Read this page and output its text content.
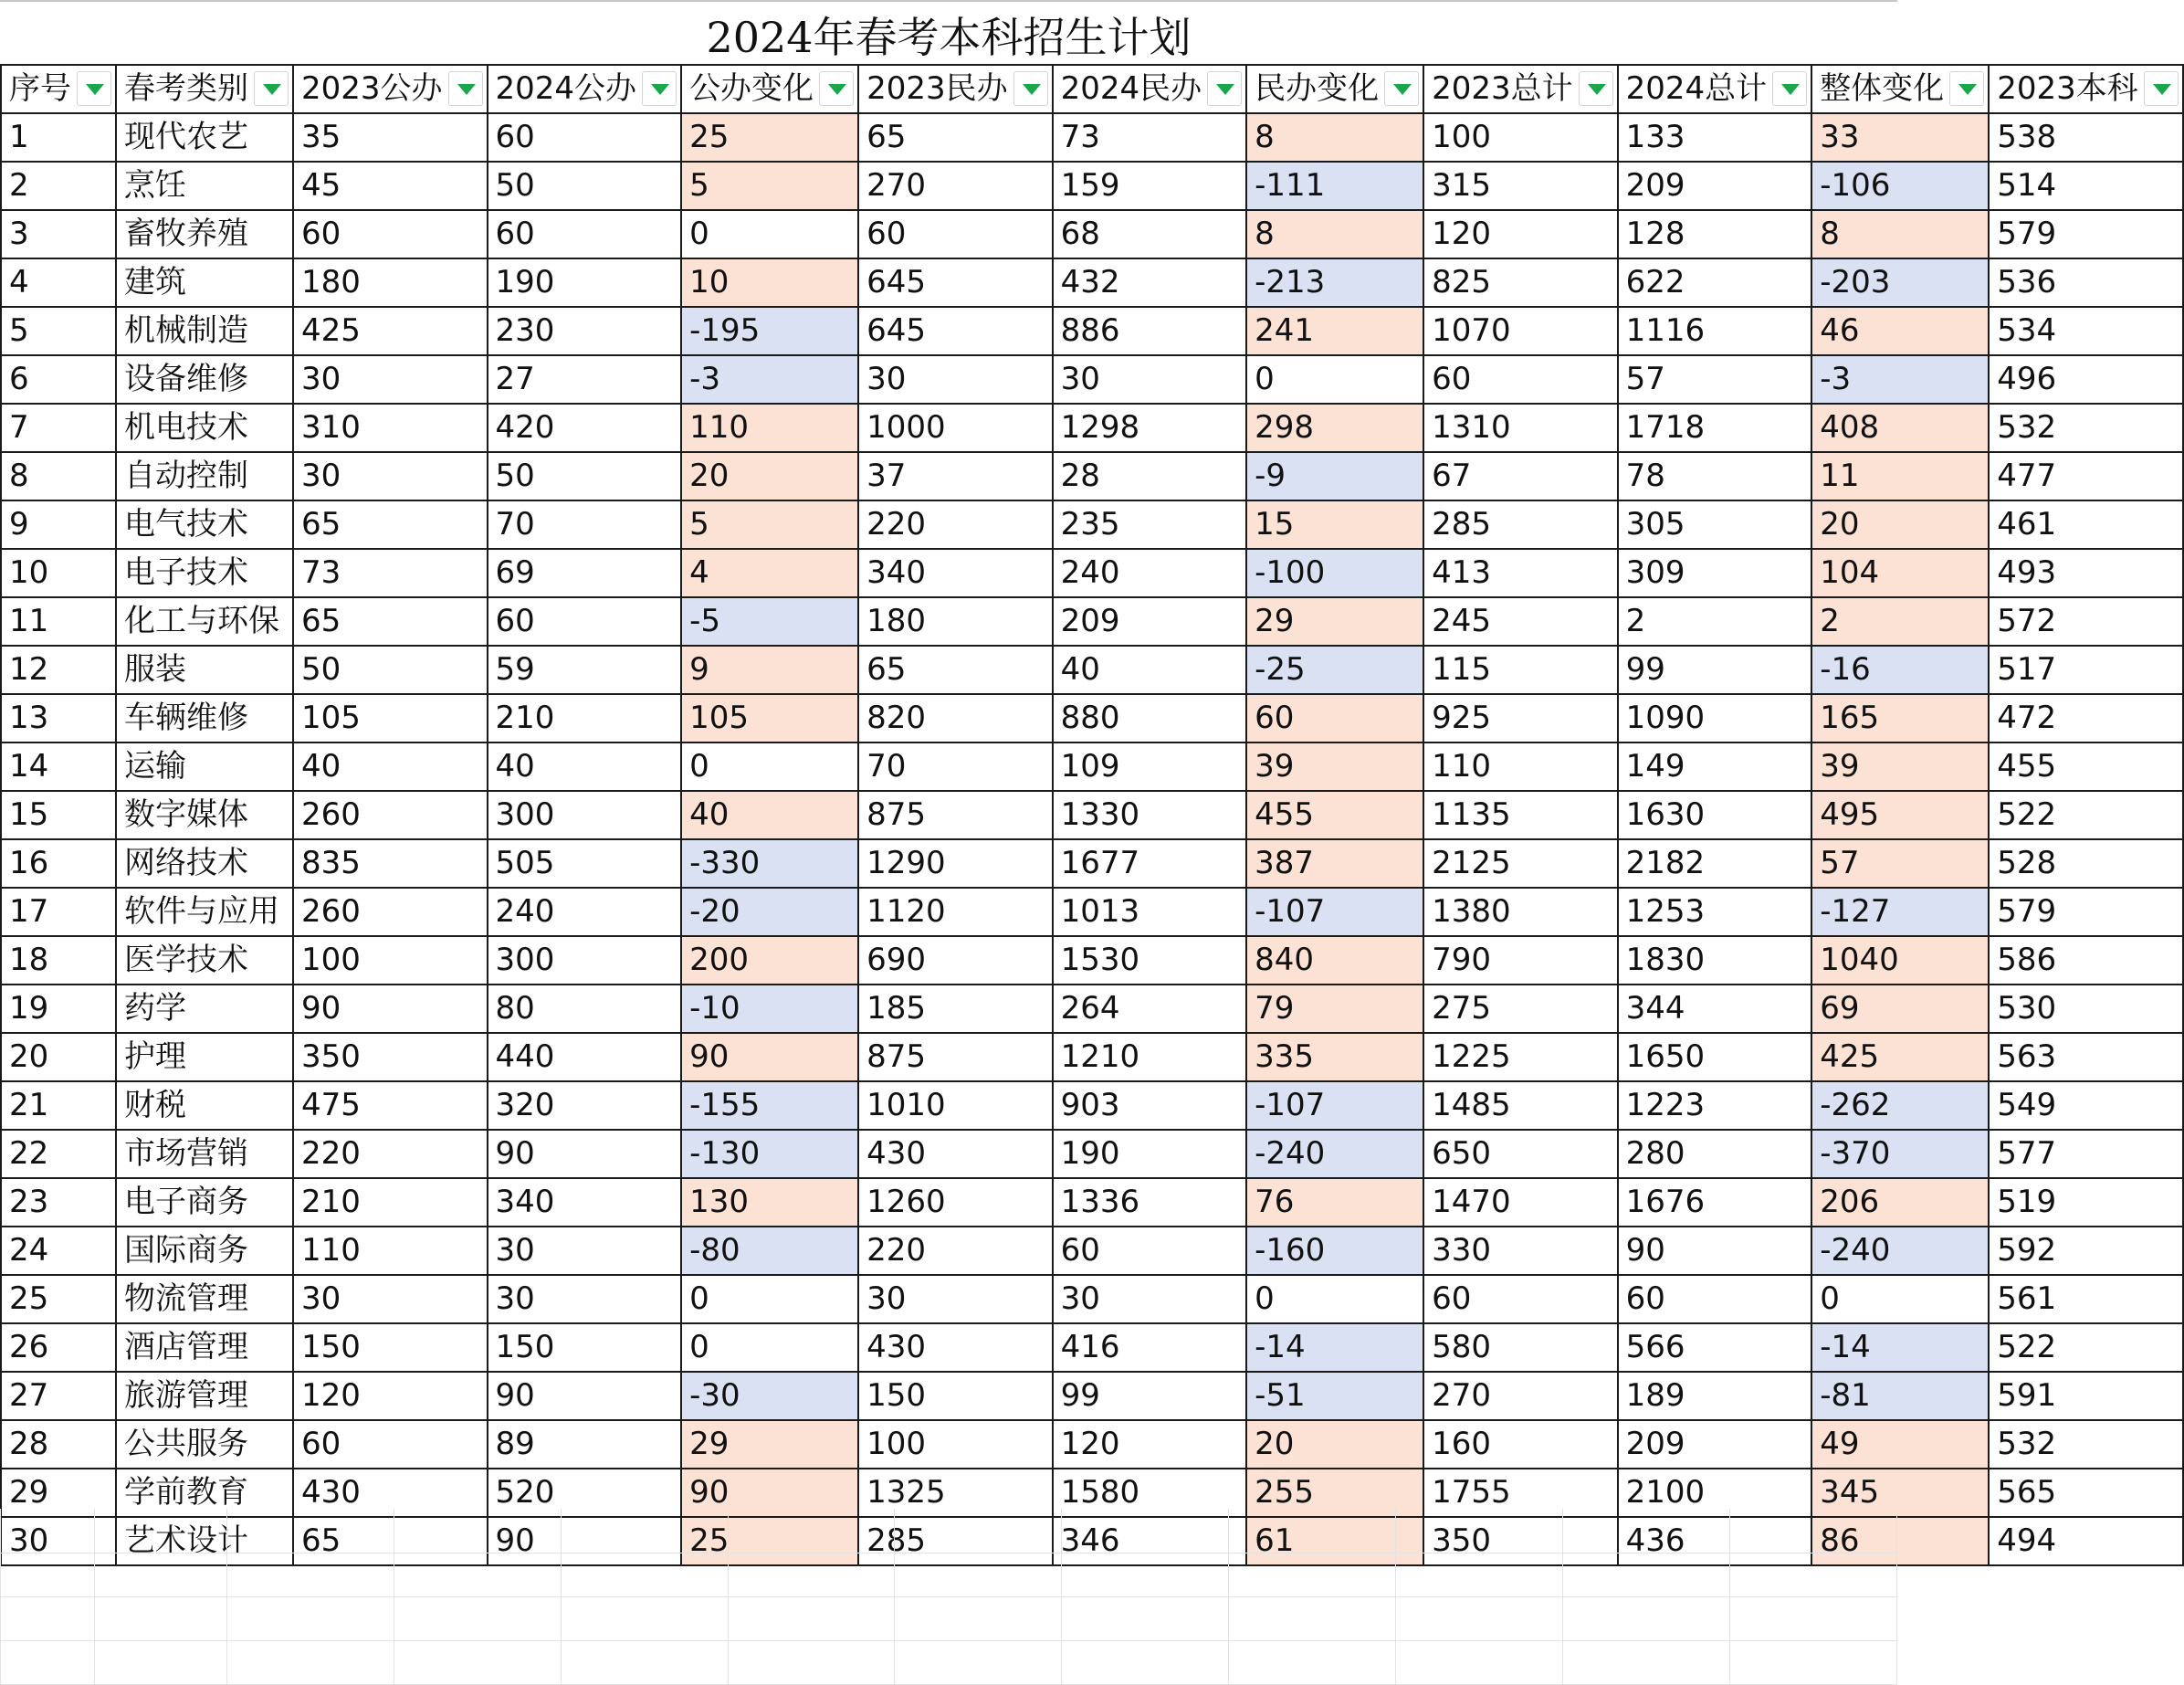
2024年春考本科招生计划
序号	春考类别	2023公办	2024公办	公办变化	2023民办	2024民办	民办变化	2023总计	2024总计	整体变化	2023本科

1	现代农艺	35	60	25	65	73	8	100	133	33	538

2	烹饪	45	50	5	270	159	-111	315	209	-106	514

3	畜牧养殖	60	60	0	60	68	8	120	128	8	579

4	建筑	180	190	10	645	432	-213	825	622	-203	536

5	机械制造	425	230	-195	645	886	241	1070	1116	46	534

6	设备维修	30	27	-3	30	30	0	60	57	-3	496

7	机电技术	310	420	110	1000	1298	298	1310	1718	408	532

8	自动控制	30	50	20	37	28	-9	67	78	11	477

9	电气技术	65	70	5	220	235	15	285	305	20	461

10	电子技术	73	69	4	340	240	-100	413	309	104	493

11	化工与环保	65	60	-5	180	209	29	245	2	2	572

12	服装	50	59	9	65	40	-25	115	99	-16	517

13	车辆维修	105	210	105	820	880	60	925	1090	165	472

14	运输	40	40	0	70	109	39	110	149	39	455

15	数字媒体	260	300	40	875	1330	455	1135	1630	495	522

16	网络技术	835	505	-330	1290	1677	387	2125	2182	57	528

17	软件与应用	260	240	-20	1120	1013	-107	1380	1253	-127	579

18	医学技术	100	300	200	690	1530	840	790	1830	1040	586

19	药学	90	80	-10	185	264	79	275	344	69	530

20	护理	350	440	90	875	1210	335	1225	1650	425	563

21	财税	475	320	-155	1010	903	-107	1485	1223	-262	549

22	市场营销	220	90	-130	430	190	-240	650	280	-370	577

23	电子商务	210	340	130	1260	1336	76	1470	1676	206	519

24	国际商务	110	30	-80	220	60	-160	330	90	-240	592

25	物流管理	30	30	0	30	30	0	60	60	0	561

26	酒店管理	150	150	0	430	416	-14	580	566	-14	522

27	旅游管理	120	90	-30	150	99	-51	270	189	-81	591

28	公共服务	60	89	29	100	120	20	160	209	49	532

29	学前教育	430	520	90	1325	1580	255	1755	2100	345	565

30	艺术设计	65	90	25	285	346	61	350	436	86	494
